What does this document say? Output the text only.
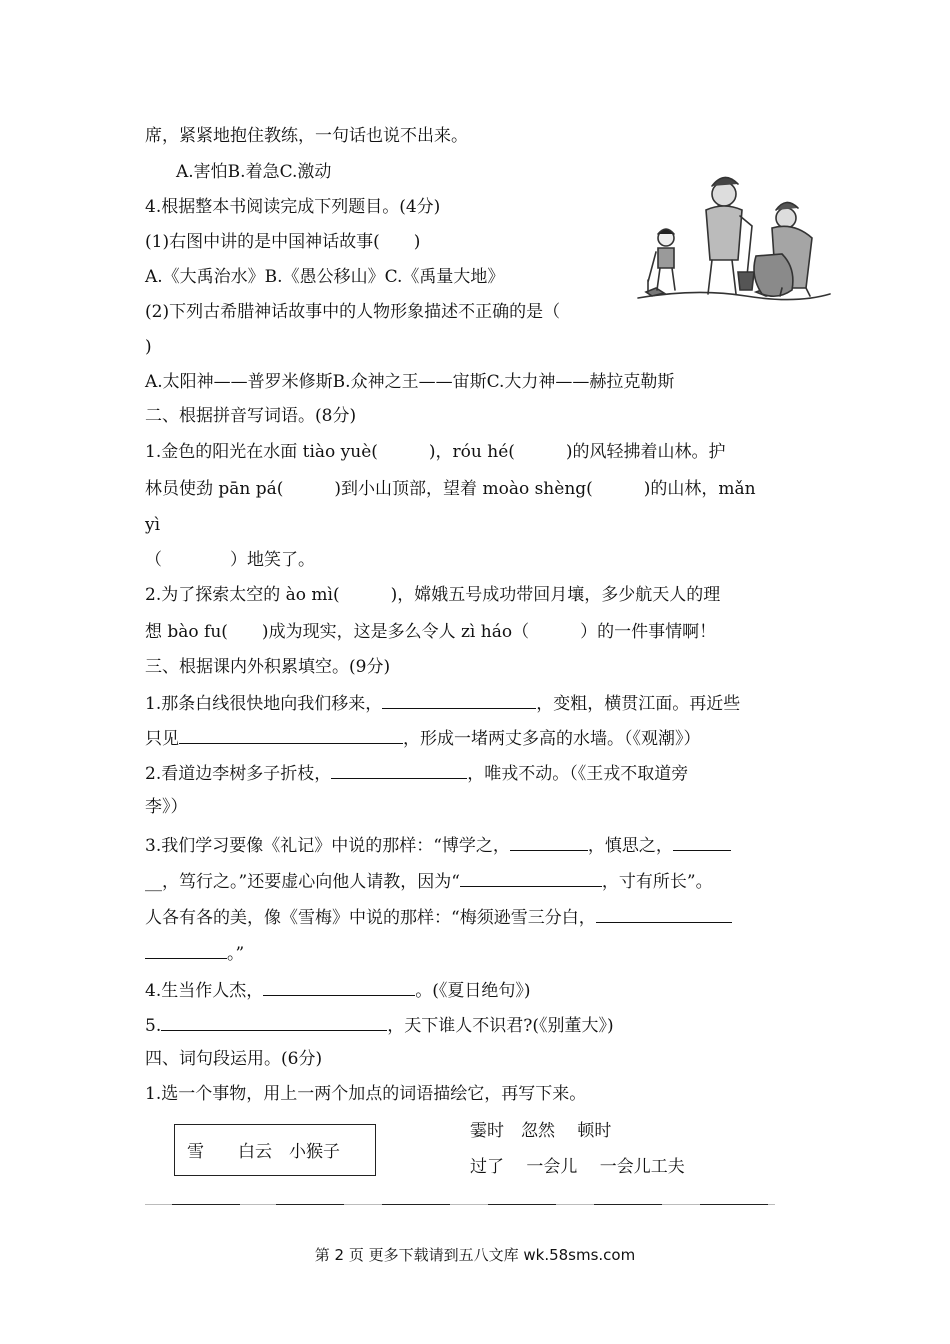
席，紧紧地抱住教练，一句话也说不出来。
A.害怕B.着急C.激动
4.根据整本书阅读完成下列题目。(4分)
(1)右图中讲的是中国神话故事(　　)
A.《大禹治水》B.《愚公移山》C.《禹量大地》
(2)下列古希腊神话故事中的人物形象描述不正确的是（
)
A.太阳神——普罗米修斯B.众神之王——宙斯C.大力神——赫拉克勒斯
二、根据拼音写词语。(8分)
1.金色的阳光在水面 tiào yuè(　　　)，róu hé(　　　)的风轻拂着山林。护
林员使劲 pān pá(　　　)到小山顶部，望着 moào shèng(　　　)的山林，mǎn
yì
（　　　　）地笑了。
2.为了探索太空的 ào mì(　　　)，嫦娥五号成功带回月壤，多少航天人的理
想 bào fu(　　)成为现实，这是多么令人 zì háo（　　　）的一件事情啊！
三、根据课内外积累填空。(9分)
1.那条白线很快地向我们移来，	，变粗，横贯江面。再近些
只见	，形成一堵两丈多高的水墙。（《观潮》）
2.看道边李树多子折枝，	，唯戎不动。（《王戎不取道旁
李》）
3.我们学习要像《礼记》中说的那样：“博学之，	，慎思之，
__，笃行之。”还要虚心向他人请教，因为“	，寸有所长”。
人各有各的美，像《雪梅》中说的那样：“梅须逊雪三分白，
。”
4.生当作人杰，	。(《夏日绝句》)
5.	，天下谁人不识君?(《别董大》)
四、词句段运用。(6分)
1.选一个事物，用上一两个加点的词语描绘它，再写下来。
雪　　白云　小猴子
霎时　忽然　 顿时
过了　 一会儿　 一会儿工夫
第 2 页 更多下载请到五八文库 wk.58sms.com
